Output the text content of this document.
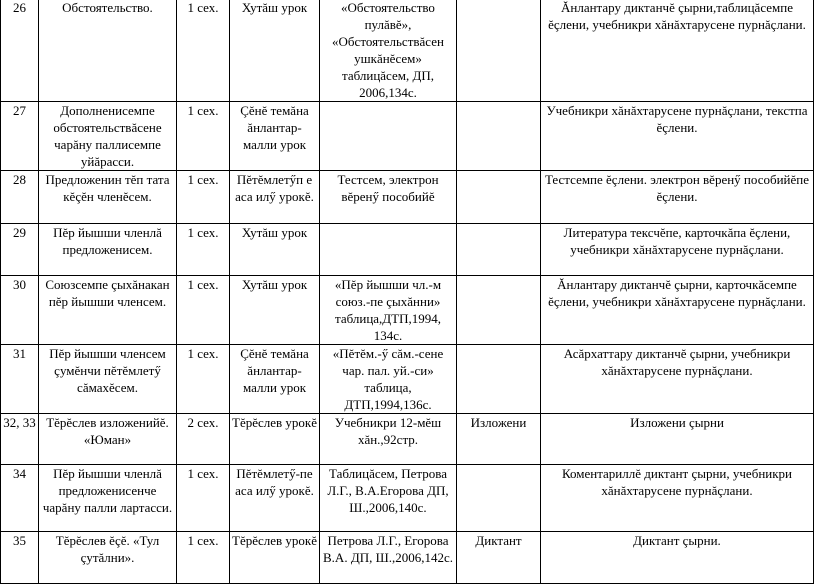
26	Обстоятельство.	1 сех.	Хутăш урок	«Обстоятельство пулăвĕ», «Обстоятельствăсен ушкăнĕсем» таблицăсем, ДП, 2006,134с.		Ăнлантару диктанчĕ çырни,таблицăсемпе ĕçлени, учебникри хăнăхтарусене пурнăçлани.
27	Дополненисемпе обстоятельствăсене чарăну паллисемпе уйăрасси.	1 сех.	Çĕнĕ темăна ăнлантар-малли урок			Учебникри хăнăхтарусене пурнăçлани, текстпа ĕçлени.
28	Предложенин тĕп тата кĕçĕн членĕсем.	1 сех.	Пĕтĕмлетӳп е аса илӳ урокĕ.	Тестсем, электрон вĕренӳ пособийĕ		Тестсемпе ĕçлени. электрон вĕренӳ пособийĕпе ĕçлени.
29	Пĕр йышши членлă предложенисем.	1 сех.	Хутăш урок			Литература тексчĕпе, карточкăпа ĕçлени, учебникри хăнăхтарусене пурнăçлани.
30	Союзсемпе çыхăнакан пĕр йышши членсем.	1 сех.	Хутăш урок	«Пĕр йышши чл.-м союз.-пе çыхăнни» таблица,ДТП,1994, 134с.		Ăнлантару диктанчĕ çырни, карточкăсемпе ĕçлени, учебникри хăнăхтарусене пурнăçлани.
31	Пĕр йышши членсем çумĕнчи пĕтĕмлетӳ сăмахĕсем.	1 сех.	Çĕнĕ темăна ăнлантар-малли урок	«Пĕтĕм.-ӳ сăм.-сене чар. пал. уй.-си» таблица, ДТП,1994,136с.		Асăрхаттару диктанчĕ çырни, учебникри хăнăхтарусене пурнăçлани.
32, 33	Тĕрĕслев изложенийĕ. «Юман»	2 сех.	Тĕрĕслев урокĕ	Учебникри 12-мĕш хăн.,92стр.	Изложени	Изложени çырни
34	Пĕр йышши членлă предложенисенче чарăну палли лартасси.	1 сех.	Пĕтĕмлетӳ-пе аса илӳ урокĕ.	Таблицăсем, Петрова Л.Г., В.А.Егорова ДП, Ш.,2006,140с.		Коментариллĕ диктант çырни, учебникри хăнăхтарусене пурнăçлани.
35	Тĕрĕслев ĕçĕ. «Тул çутăлни».	1 сех.	Тĕрĕслев урокĕ	Петрова Л.Г., Егорова В.А. ДП, Ш.,2006,142с.	Диктант	Диктант çырни.
